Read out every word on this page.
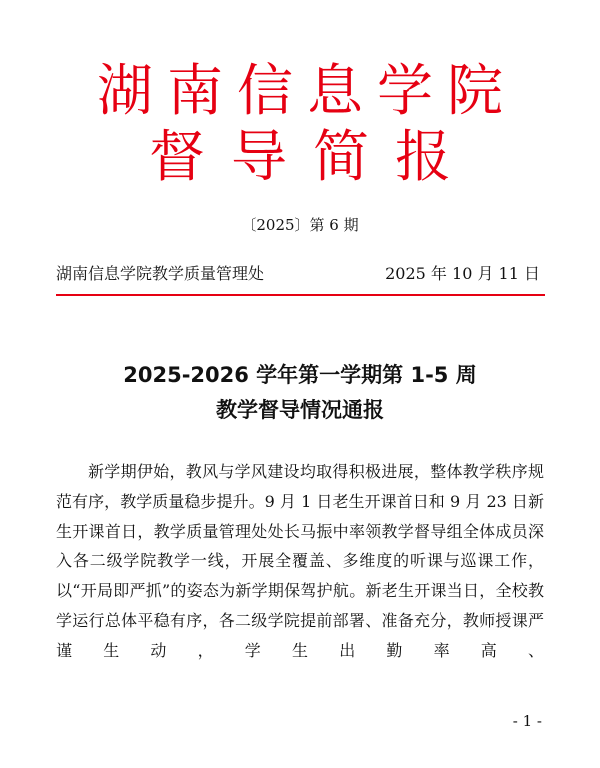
湖南信息学院
督导简报
〔2025〕第 6 期
湖南信息学院教学质量管理处	2025 年 10 月 11 日
2025-2026 学年第一学期第 1-5 周
教学督导情况通报

新学期伊始，教风与学风建设均取得积极进展，整体教学秩序规范有序，教学质量稳步提升。9 月 1 日老生开课首日和 9 月 23 日新生开课首日，教学质量管理处处长马振中率领教学督导组全体成员深入各二级学院教学一线，开展全覆盖、多维度的听课与巡课工作，以“开局即严抓”的姿态为新学期保驾护航。新老生开课当日，全校教学运行总体平稳有序，各二级学院提前部署、准备充分，教师授课严谨生动，学生出勤率高、

- 1 -
